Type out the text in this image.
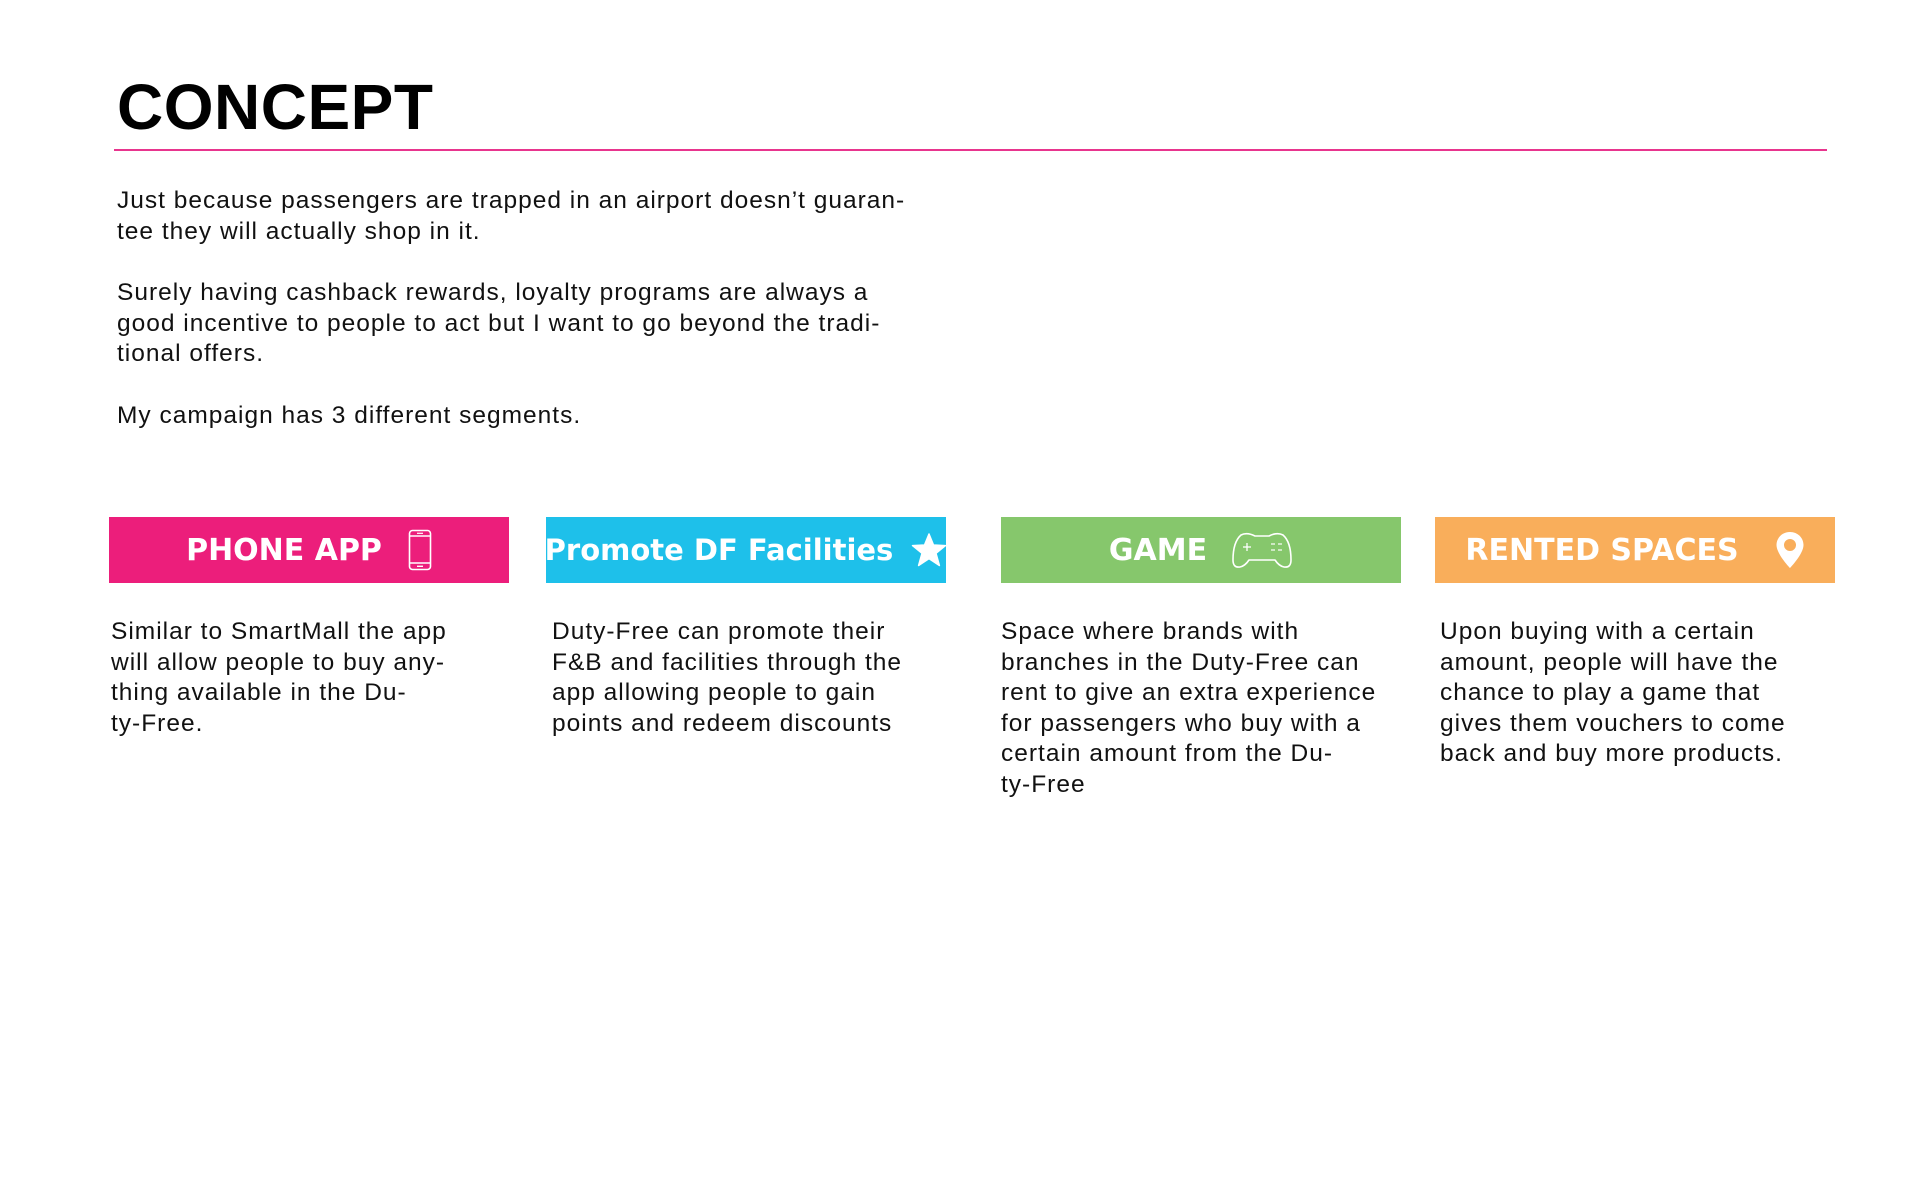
CONCEPT

Just because passengers are trapped in an airport doesn’t guaran-
tee they will actually shop in it.

Surely having cashback rewards, loyalty programs are always a
good incentive to people to act but I want to go beyond the tradi-
tional offers.

My campaign has 3 different segments.

PHONE APP

Similar to SmartMall the app
will allow people to buy any-
thing available in the Du-
ty-Free.

Promote DF Facilities

Duty-Free can promote their
F&B and facilities through the
app allowing people to gain
points and redeem discounts

GAME

Space where brands with
branches in the Duty-Free can
rent to give an extra experience
for passengers who buy with a
certain amount from the Du-
ty-Free

RENTED SPACES

Upon buying with a certain
amount, people will have the
chance to play a game that
gives them vouchers to come
back and buy more products.
